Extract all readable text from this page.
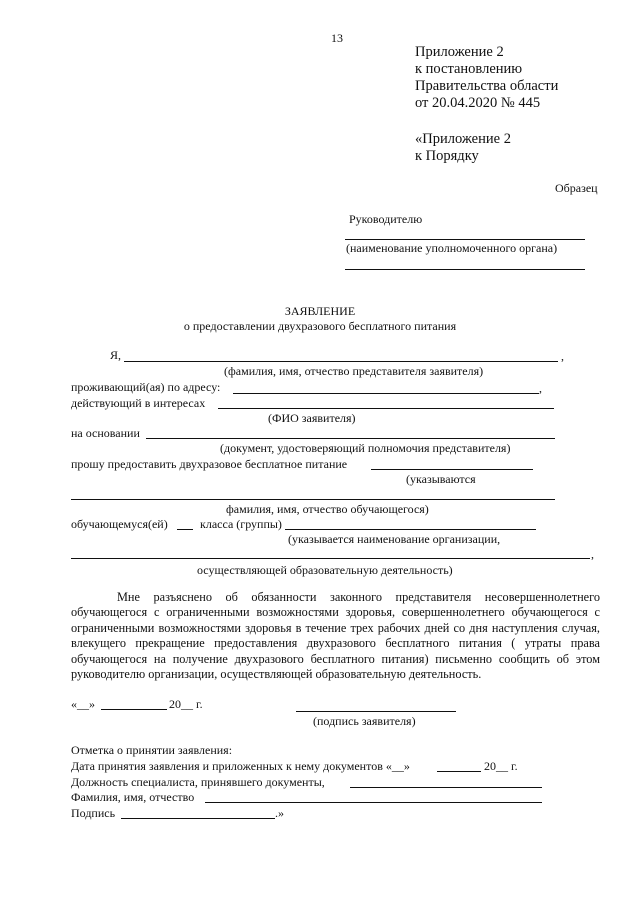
13
Приложение 2
к постановлению
Правительства области
от 20.04.2020 № 445
«Приложение 2
к Порядку
Образец
Руководителю
(наименование уполномоченного органа)
ЗАЯВЛЕНИЕ
о предоставлении двухразового бесплатного питания
Я,	,
(фамилия, имя, отчество представителя заявителя)
проживающий(ая) по адресу:	,
действующий в интересах
(ФИО заявителя)
на основании
(документ, удостоверяющий полномочия представителя)
прошу предоставить двухразовое бесплатное питание
(указываются
фамилия, имя, отчество обучающегося)
обучающемуся(ей)	класса (группы)
(указывается наименование организации,
,
осуществляющей образовательную деятельность)
Мне разъяснено об обязанности законного представителя несовершеннолетнего обучающегося с ограниченными возможностями здоровья, совершеннолетнего обучающегося с ограниченными возможностями здоровья в течение трех рабочих дней со дня наступления случая, влекущего прекращение предоставления двухразового бесплатного питания ( утраты права обучающегося на получение двухразового бесплатного питания) письменно сообщить об этом руководителю организации, осуществляющей образовательную деятельность.
«__»	20__ г.
(подпись заявителя)
Отметка о принятии заявления:
Дата принятия заявления и приложенных к нему документов «__»	20__ г.
Должность специалиста, принявшего документы,
Фамилия, имя, отчество
Подпись	.»
